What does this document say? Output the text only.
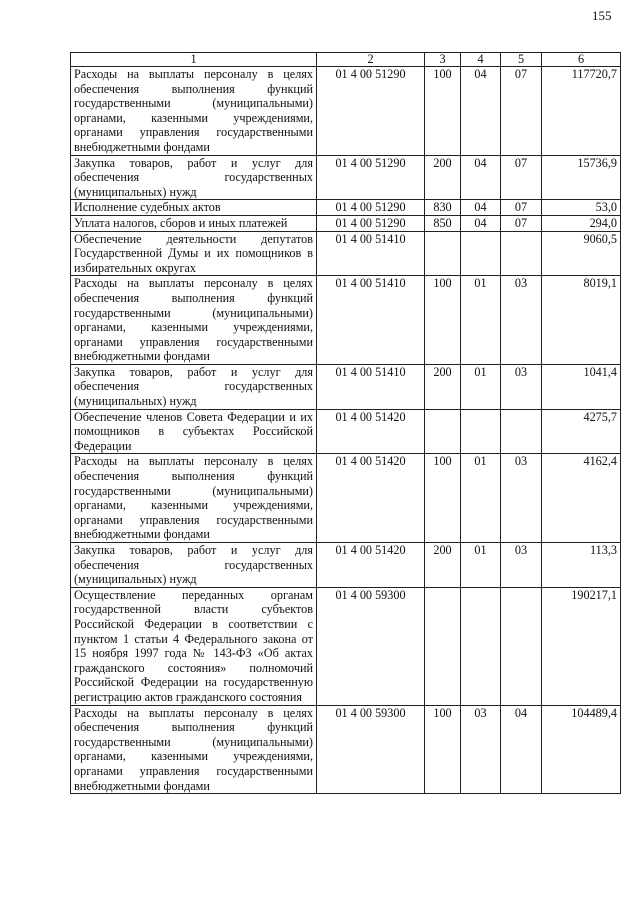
155
1	2	3	4	5	6
Расходы на выплаты персоналу в целях обеспечения выполнения функций государственными (муниципальными) органами, казенными учреждениями, органами управления государственными внебюджетными фондами	01 4 00 51290	100	04	07	117720,7
Закупка товаров, работ и услуг для обеспечения государственных (муниципальных) нужд	01 4 00 51290	200	04	07	15736,9
Исполнение судебных актов	01 4 00 51290	830	04	07	53,0
Уплата налогов, сборов и иных платежей	01 4 00 51290	850	04	07	294,0
Обеспечение деятельности депутатов Государственной Думы и их помощников в избирательных округах	01 4 00 51410				9060,5
Расходы на выплаты персоналу в целях обеспечения выполнения функций государственными (муниципальными) органами, казенными учреждениями, органами управления государственными внебюджетными фондами	01 4 00 51410	100	01	03	8019,1
Закупка товаров, работ и услуг для обеспечения государственных (муниципальных) нужд	01 4 00 51410	200	01	03	1041,4
Обеспечение членов Совета Федерации и их помощников в субъектах Российской Федерации	01 4 00 51420				4275,7
Расходы на выплаты персоналу в целях обеспечения выполнения функций государственными (муниципальными) органами, казенными учреждениями, органами управления государственными внебюджетными фондами	01 4 00 51420	100	01	03	4162,4
Закупка товаров, работ и услуг для обеспечения государственных (муниципальных) нужд	01 4 00 51420	200	01	03	113,3
Осуществление переданных органам государственной власти субъектов Российской Федерации в соответствии с пунктом 1 статьи 4 Федерального закона от 15 ноября 1997 года № 143-ФЗ «Об актах гражданского состояния» полномочий Российской Федерации на государственную регистрацию актов гражданского состояния	01 4 00 59300				190217,1
Расходы на выплаты персоналу в целях обеспечения выполнения функций государственными (муниципальными) органами, казенными учреждениями, органами управления государственными внебюджетными фондами	01 4 00 59300	100	03	04	104489,4
